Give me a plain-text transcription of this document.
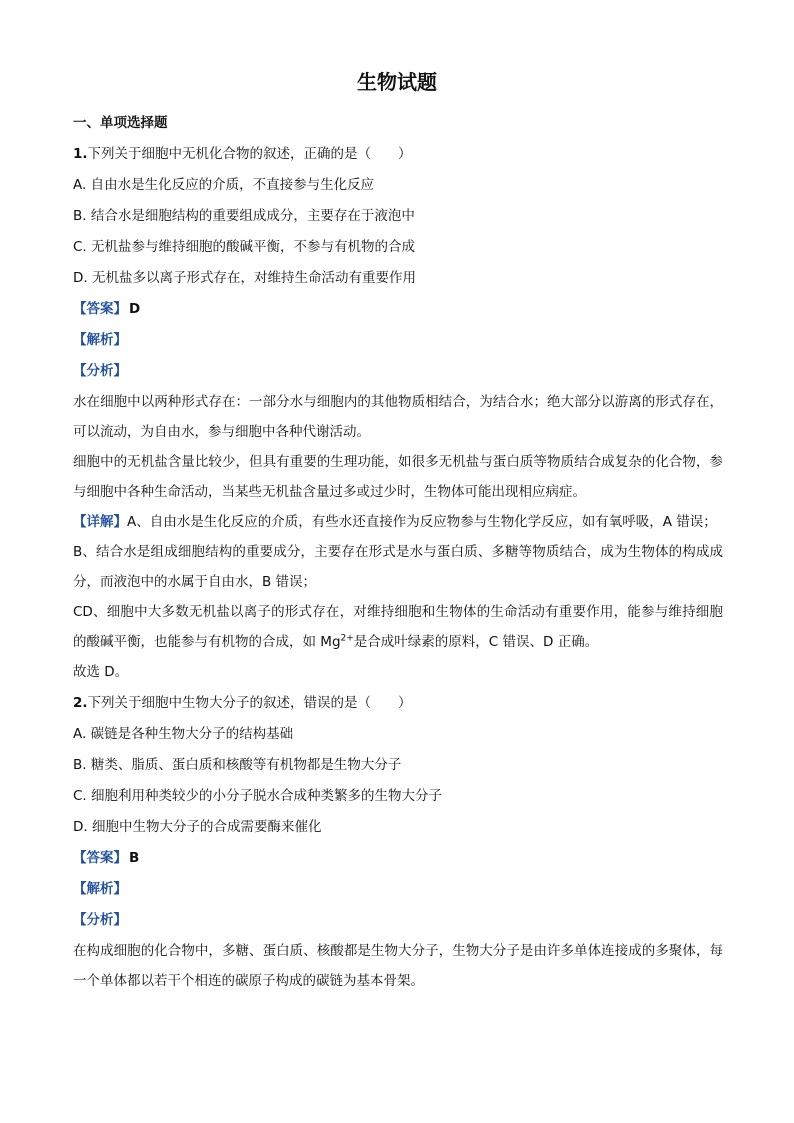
生物试题
一、单项选择题
1.下列关于细胞中无机化合物的叙述，正确的是（　　）
A. 自由水是生化反应的介质，不直接参与生化反应
B. 结合水是细胞结构的重要组成成分，主要存在于液泡中
C. 无机盐参与维持细胞的酸碱平衡，不参与有机物的合成
D. 无机盐多以离子形式存在，对维持生命活动有重要作用
【答案】 D
【解析】
【分析】
水在细胞中以两种形式存在：一部分水与细胞内的其他物质相结合，为结合水；绝大部分以游离的形式存在，可以流动，为自由水，参与细胞中各种代谢活动。
细胞中的无机盐含量比较少，但具有重要的生理功能，如很多无机盐与蛋白质等物质结合成复杂的化合物，参与细胞中各种生命活动，当某些无机盐含量过多或过少时，生物体可能出现相应病症。
【详解】A、自由水是生化反应的介质，有些水还直接作为反应物参与生物化学反应，如有氧呼吸，A 错误；
B、结合水是组成细胞结构的重要成分，主要存在形式是水与蛋白质、多糖等物质结合，成为生物体的构成成分，而液泡中的水属于自由水，B 错误；
CD、细胞中大多数无机盐以离子的形式存在，对维持细胞和生物体的生命活动有重要作用，能参与维持细胞的酸碱平衡，也能参与有机物的合成，如 $Mg^{2+}$是合成叶绿素的原料，C 错误、D 正确。
故选 D。
2.下列关于细胞中生物大分子的叙述，错误的是（　　）
A. 碳链是各种生物大分子的结构基础
B. 糖类、脂质、蛋白质和核酸等有机物都是生物大分子
C. 细胞利用种类较少的小分子脱水合成种类繁多的生物大分子
D. 细胞中生物大分子的合成需要酶来催化
【答案】 B
【解析】
【分析】
在构成细胞的化合物中，多糖、蛋白质、核酸都是生物大分子，生物大分子是由许多单体连接成的多聚体，每一个单体都以若干个相连的碳原子构成的碳链为基本骨架。
